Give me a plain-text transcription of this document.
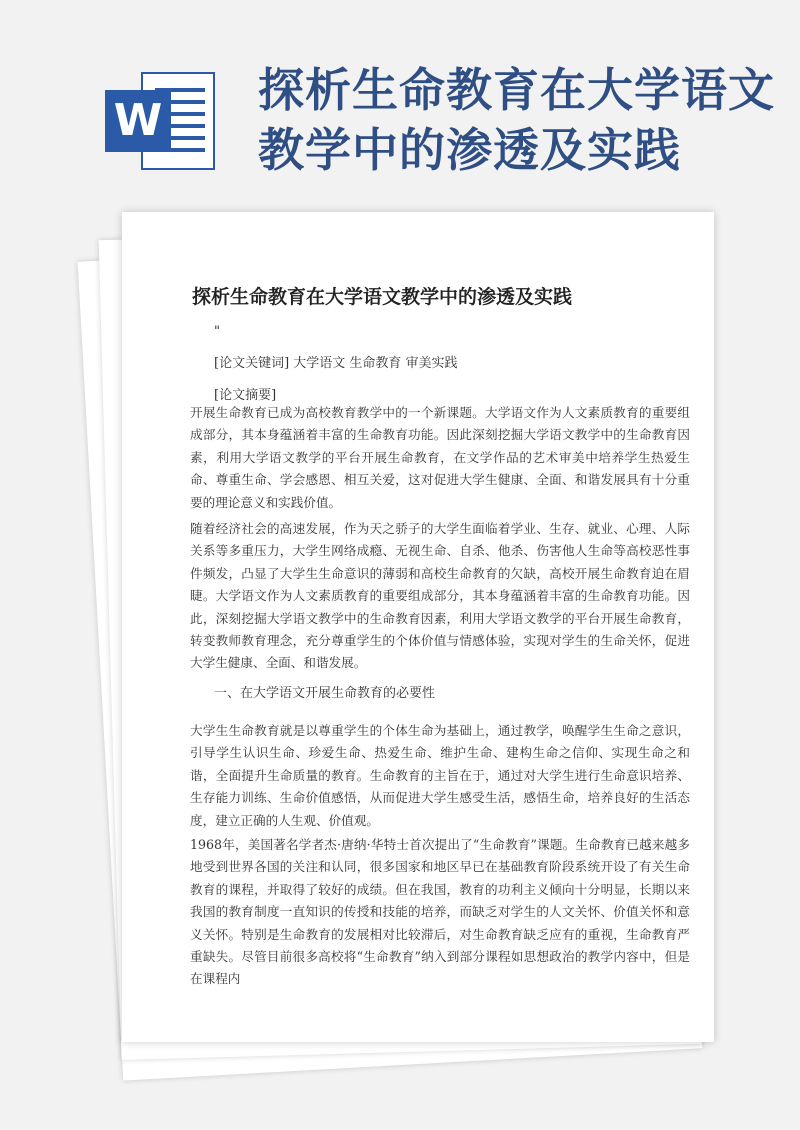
W
探析生命教育在大学语文教学中的渗透及实践
探析生命教育在大学语文教学中的渗透及实践
"
[论文关键词] 大学语文 生命教育 审美实践
[论文摘要]

开展生命教育已成为高校教育教学中的一个新课题。大学语文作为人文素质教育的重要组成部分，其本身蕴涵着丰富的生命教育功能。因此深刻挖掘大学语文教学中的生命教育因素，利用大学语文教学的平台开展生命教育，在文学作品的艺术审美中培养学生热爱生命、尊重生命、学会感恩、相互关爱，这对促进大学生健康、全面、和谐发展具有十分重要的理论意义和实践价值。

随着经济社会的高速发展，作为天之骄子的大学生面临着学业、生存、就业、心理、人际关系等多重压力，大学生网络成瘾、无视生命、自杀、他杀、伤害他人生命等高校恶性事件频发，凸显了大学生生命意识的薄弱和高校生命教育的欠缺，高校开展生命教育迫在眉睫。大学语文作为人文素质教育的重要组成部分，其本身蕴涵着丰富的生命教育功能。因此，深刻挖掘大学语文教学中的生命教育因素，利用大学语文教学的平台开展生命教育，转变教师教育理念，充分尊重学生的个体价值与情感体验，实现对学生的生命关怀，促进大学生健康、全面、和谐发展。

一、在大学语文开展生命教育的必要性

大学生生命教育就是以尊重学生的个体生命为基础上，通过教学，唤醒学生生命之意识，引导学生认识生命、珍爱生命、热爱生命、维护生命、建构生命之信仰、实现生命之和谐，全面提升生命质量的教育。生命教育的主旨在于，通过对大学生进行生命意识培养、生存能力训练、生命价值感悟，从而促进大学生感受生活，感悟生命，培养良好的生活态度，建立正确的人生观、价值观。

1968年，美国著名学者杰·唐纳·华特士首次提出了“生命教育”课题。生命教育已越来越多地受到世界各国的关注和认同，很多国家和地区早已在基础教育阶段系统开设了有关生命教育的课程，并取得了较好的成绩。但在我国，教育的功利主义倾向十分明显，长期以来我国的教育制度一直知识的传授和技能的培养，而缺乏对学生的人文关怀、价值关怀和意义关怀。特别是生命教育的发展相对比较滞后，对生命教育缺乏应有的重视，生命教育严重缺失。尽管目前很多高校将“生命教育”纳入到部分课程如思想政治的教学内容中，但是在课程内
